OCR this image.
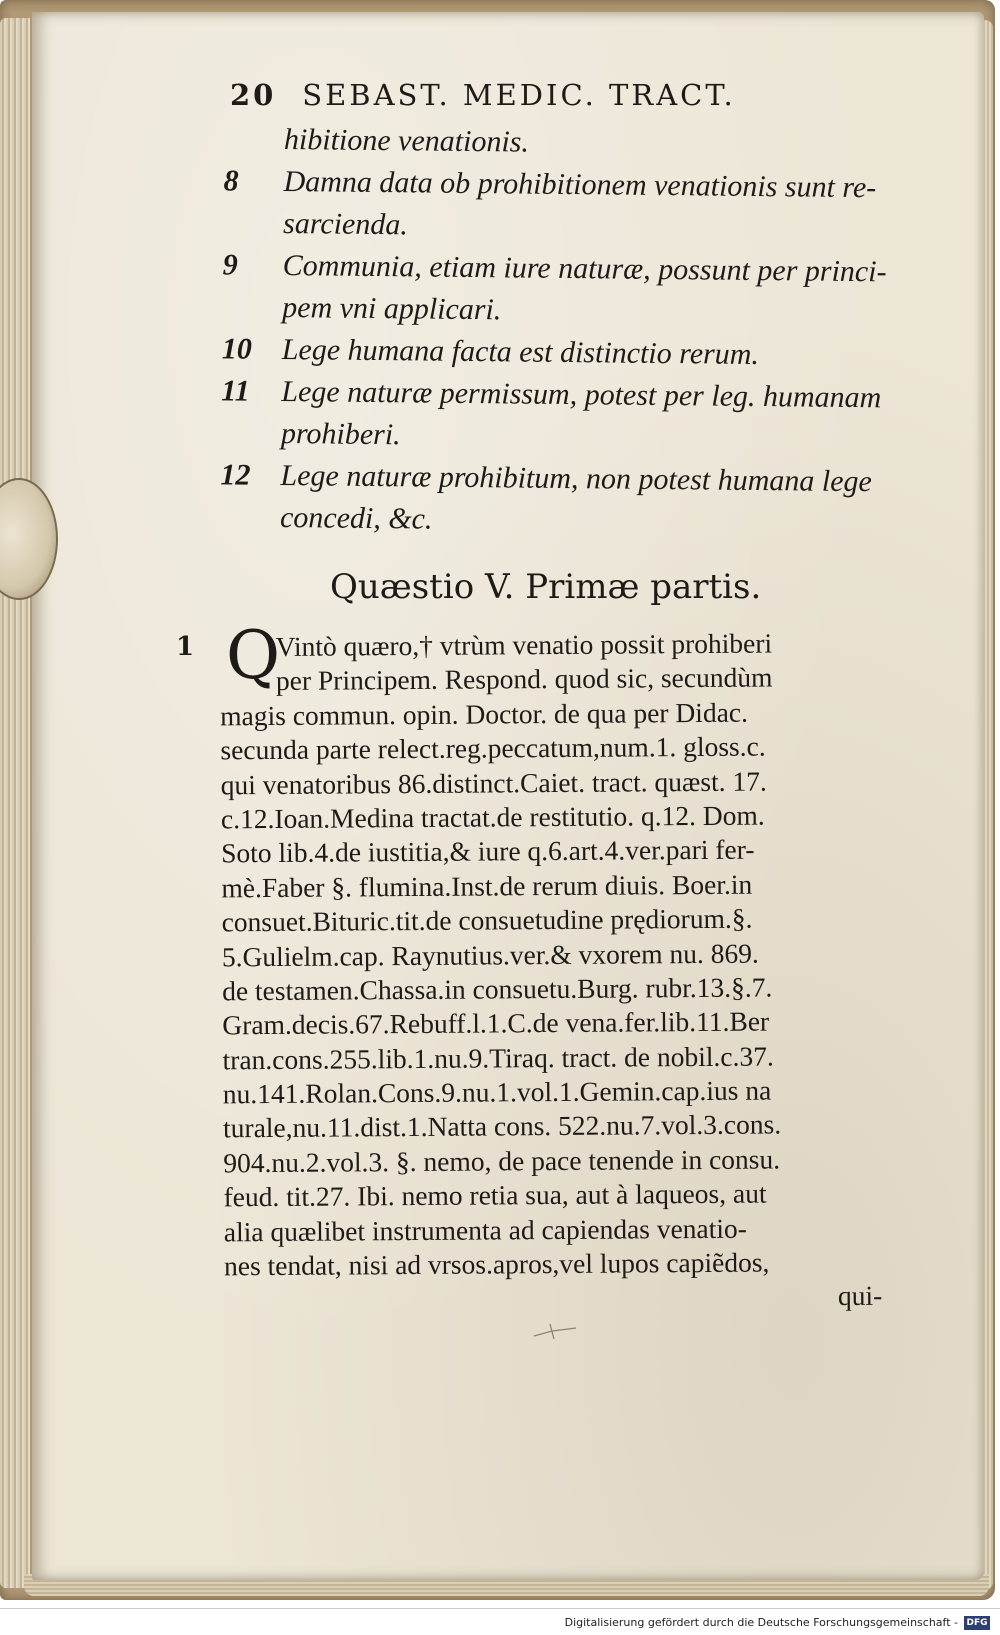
20 SEBAST. MEDIC. TRACT.
hibitione venationis.
8 Damna data ob prohibitionem venationis sunt re-
sarcienda.
9 Communia, etiam iure naturæ, possunt per princi-
pem vni applicari.
10 Lege humana facta est distinctio rerum.
11 Lege naturæ permissum, potest per leg. humanam
prohiberi.
12 Lege naturæ prohibitum, non potest humana lege
concedi, &c.
Quæstio V. Primæ partis.
1 Q
Vintò quæro,† vtrùm venatio possit prohiberi
per Principem. Respond. quod sic, secundùm
magis commun. opin. Doctor. de qua per Didac.
secunda parte relect.reg.peccatum,num.1. gloss.c.
qui venatoribus 86.distinct.Caiet. tract. quæst. 17.
c.12.Ioan.Medina tractat.de restitutio. q.12. Dom.
Soto lib.4.de iustitia,& iure q.6.art.4.ver.pari fer-
mè.Faber §. flumina.Inst.de rerum diuis. Boer.in
consuet.Bituric.tit.de consuetudine prędiorum.§.
5.Gulielm.cap. Raynutius.ver.& vxorem nu. 869.
de testamen.Chassa.in consuetu.Burg. rubr.13.§.7.
Gram.decis.67.Rebuff.l.1.C.de vena.fer.lib.11.Ber
tran.cons.255.lib.1.nu.9.Tiraq. tract. de nobil.c.37.
nu.141.Rolan.Cons.9.nu.1.vol.1.Gemin.cap.ius na
turale,nu.11.dist.1.Natta cons. 522.nu.7.vol.3.cons.
904.nu.2.vol.3. §. nemo, de pace tenende in consu.
feud. tit.27. Ibi. nemo retia sua, aut à laqueos, aut
alia quælibet instrumenta ad capiendas venatio-
nes tendat, nisi ad vrsos.apros,vel lupos capiẽdos,
qui-
Digitalisierung gefördert durch die Deutsche Forschungsgemeinschaft - DFG
